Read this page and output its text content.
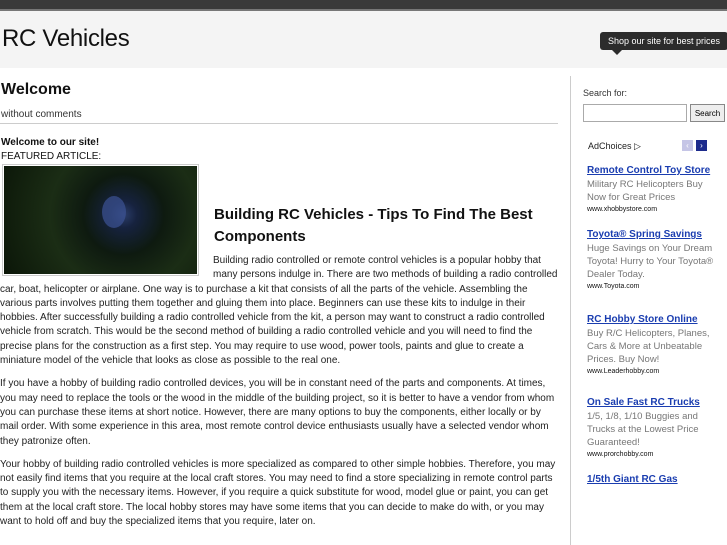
RC Vehicles	Shop our site for best prices
Welcome
without comments
Welcome to our site!
FEATURED ARTICLE:
Building RC Vehicles - Tips To Find The Best Components

Building radio controlled or remote control vehicles is a popular hobby that many persons indulge in. There are two methods of building a radio controlled car, boat, helicopter or airplane. One way is to purchase a kit that consists of all the parts of the vehicle. Assembling the various parts involves putting them together and gluing them into place. Beginners can use these kits to indulge in their hobbies. After successfully building a radio controlled vehicle from the kit, a person may want to construct a radio controlled vehicle from scratch. This would be the second method of building a radio controlled vehicle and you will need to find the precise plans for the construction as a first step. You may require to use wood, power tools, paints and glue to create a miniature model of the vehicle that looks as close as possible to the real one.

If you have a hobby of building radio controlled devices, you will be in constant need of the parts and components. At times, you may need to replace the tools or the wood in the middle of the building project, so it is better to have a vendor from whom you can purchase these items at short notice. However, there are many options to buy the components, either locally or by mail order. With some experience in this area, most remote control device enthusiasts usually have a selected vendor whom they patronize often.

Your hobby of building radio controlled vehicles is more specialized as compared to other simple hobbies. Therefore, you may not easily find items that you require at the local craft stores. You may need to find a store specializing in remote control parts to supply you with the necessary items. However, if you require a quick substitute for wood, model glue or paint, you can get them at the local craft store. The local hobby stores may have some items that you can decide to make do with, or you may want to hold off and buy the specialized items that you require, later on.

Search for:
Search
AdChoices ▷	‹	›
Remote Control Toy Store
Military RC Helicopters Buy Now for Great Prices
www.xhobbystore.com
Toyota® Spring Savings
Huge Savings on Your Dream Toyota! Hurry to Your Toyota® Dealer Today.
www.Toyota.com
RC Hobby Store Online
Buy R/C Helicopters, Planes, Cars & More at Unbeatable Prices. Buy Now!
www.Leaderhobby.com
On Sale Fast RC Trucks
1/5, 1/8, 1/10 Buggies and Trucks at the Lowest Price Guaranteed!
www.prorchobby.com
1/5th Giant RC Gas
